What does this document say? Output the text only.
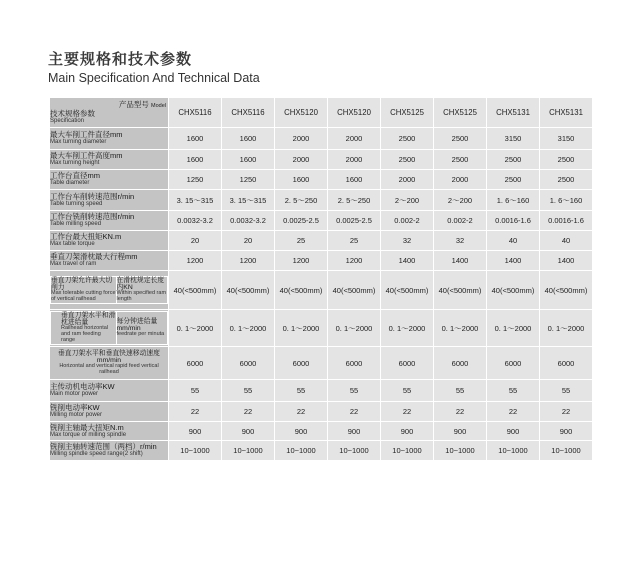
主要规格和技术参数
Main Specification And Technical Data
产品型号 Model
技术规格参数
Specification
	CHX5116	CHX5116	CHX5120	CHX5120	CHX5125	CHX5125	CHX5131	CHX5131

最大车削工件直径mm
Max turning diameter	1600	1600	2000	2000	2500	2500	3150	3150

最大车削工件高度mm
Max turning height	1600	1600	2000	2000	2500	2500	2500	2500

工作台直径mm
Table diameter	1250	1250	1600	1600	2000	2000	2500	2500

工作台车削转速范围r/min
Table turning speed	3. 15～315	3. 15～315	2. 5～250	2. 5～250	2～200	2～200	1. 6～160	1. 6～160

工作台铣削转速范围r/min
Table milling speed	0.0032-3.2	0.0032-3.2	0.0025-2.5	0.0025-2.5	0.002-2	0.002-2	0.0016-1.6	0.0016-1.6

工作台最大扭矩KN.m
Max table torque	20	20	25	25	32	32	40	40

垂直刀架滑枕最大行程mm
Max travel of ram	1200	1200	1200	1200	1400	1400	1400	1400

垂直刀架允许最大切削力
Max tolerable cutting force of vertical railhead

在滑枕规定长度内KN
Within specified ram length
	40(<500mm)	40(<500mm)	40(<500mm)	40(<500mm)	40(<500mm)	40(<500mm)	40(<500mm)	40(<500mm)

垂直刀架水平和滑枕进给量
Railhead horizontal and ram feeding range

每分钟进给量mm/min
feedrate per minuta
	0. 1～2000	0. 1～2000	0. 1～2000	0. 1～2000	0. 1～2000	0. 1～2000	0. 1～2000	0. 1～2000

垂直刀架水平和垂直快速移动速度mm/min
Horizontal and vertical rapid feed vertical railhead
	6000	6000	6000	6000	6000	6000	6000	6000

主传动机电动率KW
Main motor power	55	55	55	55	55	55	55	55

铣削电动率KW
Milling motor power	22	22	22	22	22	22	22	22

铣削主轴最大扭矩N.m
Max torque of milling spindle	900	900	900	900	900	900	900	900

铣削主轴转速范围（两档）r/min
Milling spindle speed range(2 shift)	10~1000	10~1000	10~1000	10~1000	10~1000	10~1000	10~1000	10~1000
